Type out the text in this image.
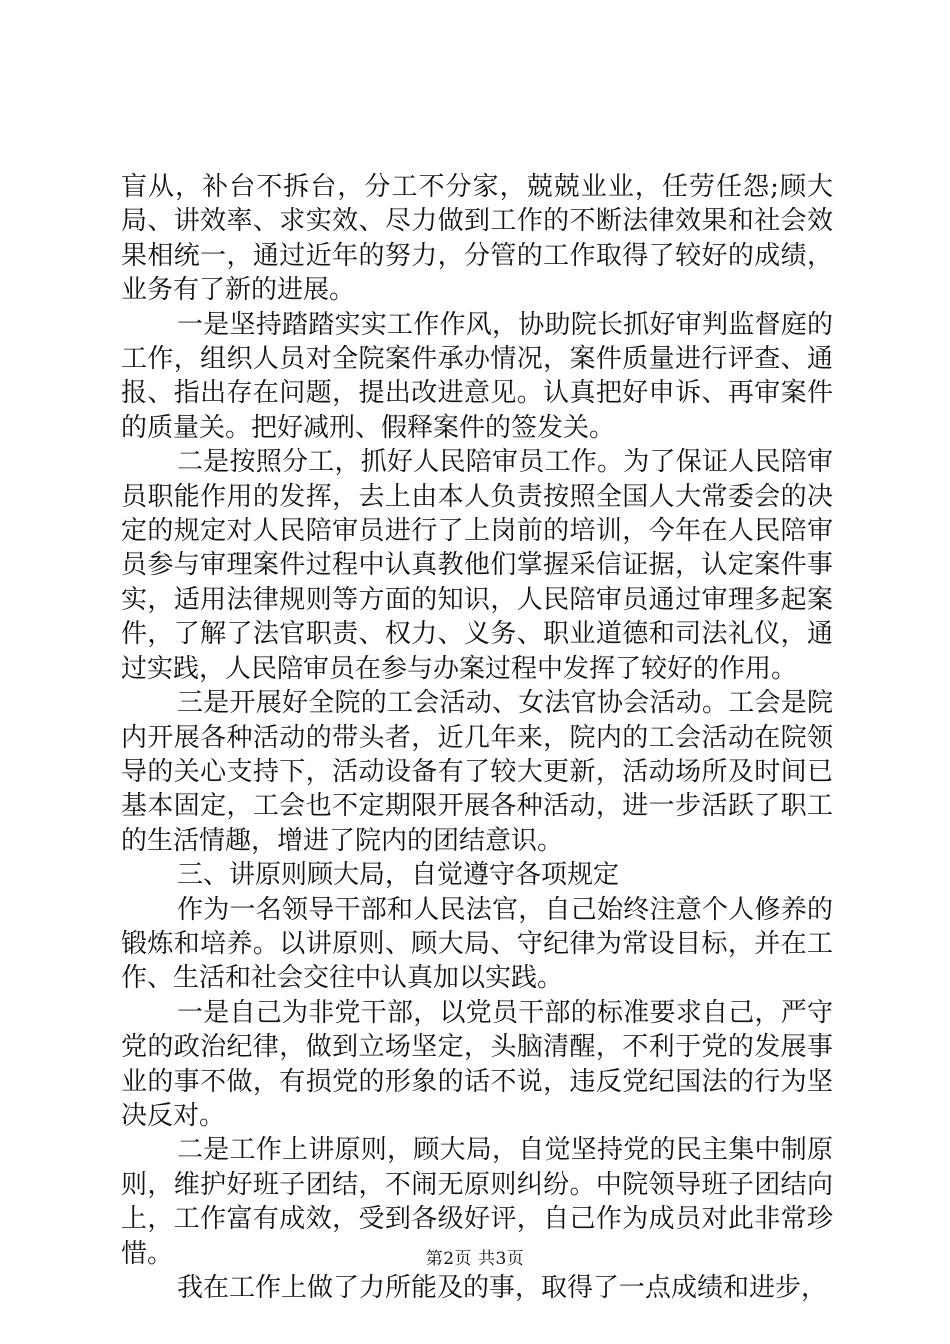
盲从，补台不拆台，分工不分家，兢兢业业，任劳任怨;顾大局、讲效率、求实效、尽力做到工作的不断法律效果和社会效果相统一，通过近年的努力，分管的工作取得了较好的成绩，业务有了新的进展。

一是坚持踏踏实实工作作风，协助院长抓好审判监督庭的工作，组织人员对全院案件承办情况，案件质量进行评查、通报、指出存在问题，提出改进意见。认真把好申诉、再审案件的质量关。把好减刑、假释案件的签发关。

二是按照分工，抓好人民陪审员工作。为了保证人民陪审员职能作用的发挥，去上由本人负责按照全国人大常委会的决定的规定对人民陪审员进行了上岗前的培训，今年在人民陪审员参与审理案件过程中认真教他们掌握采信证据，认定案件事实，适用法律规则等方面的知识，人民陪审员通过审理多起案件，了解了法官职责、权力、义务、职业道德和司法礼仪，通过实践，人民陪审员在参与办案过程中发挥了较好的作用。

三是开展好全院的工会活动、女法官协会活动。工会是院内开展各种活动的带头者，近几年来，院内的工会活动在院领导的关心支持下，活动设备有了较大更新，活动场所及时间已基本固定，工会也不定期限开展各种活动，进一步活跃了职工的生活情趣，增进了院内的团结意识。

三、讲原则顾大局，自觉遵守各项规定

作为一名领导干部和人民法官，自己始终注意个人修养的锻炼和培养。以讲原则、顾大局、守纪律为常设目标，并在工作、生活和社会交往中认真加以实践。

一是自己为非党干部，以党员干部的标准要求自己，严守党的政治纪律，做到立场坚定，头脑清醒，不利于党的发展事业的事不做，有损党的形象的话不说，违反党纪国法的行为坚决反对。

二是工作上讲原则，顾大局，自觉坚持党的民主集中制原则，维护好班子团结，不闹无原则纠纷。中院领导班子团结向上，工作富有成效，受到各级好评，自己作为成员对此非常珍惜。

我在工作上做了力所能及的事，取得了一点成绩和进步，

第2页 共3页
